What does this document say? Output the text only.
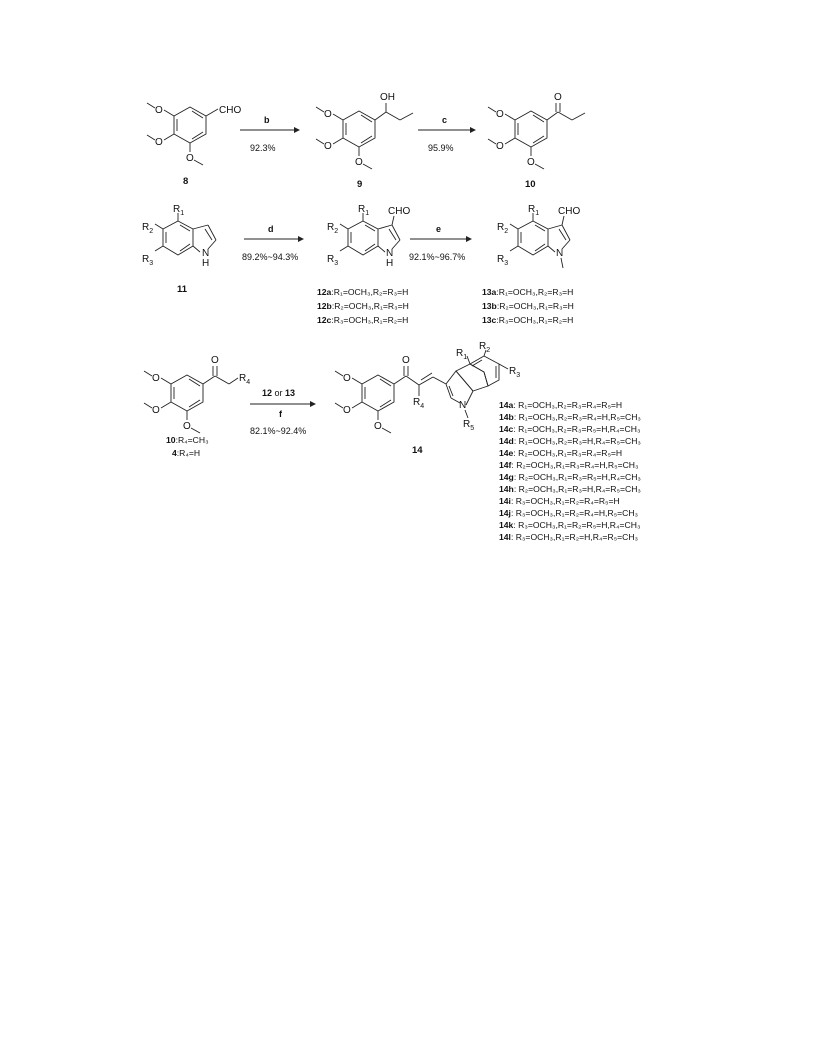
CHO
O
O
O
8
b
92.3%
OH
O
O
O
9
c
95.9%
O
O
O
O
10
N
H
$R_1$
$R_2$
$R_3$
11
d
89.2%~94.3%	N
H
CHO
$R_1$
$R_2$
$R_3$
e
92.1%~96.7%	N
CHO
$R_1$
$R_2$
$R_3$
12a:R₁=OCH₃,R₂=R₃=H
12b:R₂=OCH₃,R₁=R₃=H
12c:R₃=OCH₃,R₁=R₂=H
13a:R₁=OCH₃,R₂=R₃=H
13b:R₂=OCH₃,R₁=R₃=H
13c:R₃=OCH₃,R₁=R₂=H
O
$R_4$
O
O
O
10:R₄=CH₃
4:R₄=H
12 or 13
f
82.1%~92.4%
O
$R_4$	N
$R_5$
$R_1$
$R_2$
$R_3$
O
O
O
14
14a: R₁=OCH₃,R₂=R₃=R₄=R₅=H
14b: R₁=OCH₃,R₂=R₃=R₄=H,R₅=CH₃
14c: R₁=OCH₃,R₂=R₃=R₅=H,R₄=CH₃
14d: R₁=OCH₃,R₂=R₃=H,R₄=R₅=CH₃
14e: R₂=OCH₃,R₁=R₃=R₄=R₅=H
14f: R₂=OCH₃,R₁=R₃=R₄=H,R₅=CH₃
14g: R₂=OCH₃,R₁=R₃=R₅=H,R₄=CH₃
14h: R₂=OCH₃,R₁=R₃=H,R₄=R₅=CH₃
14i: R₃=OCH₃,R₁=R₂=R₄=R₅=H
14j: R₃=OCH₃,R₁=R₂=R₄=H,R₅=CH₃
14k: R₃=OCH₃,R₁=R₂=R₅=H,R₄=CH₃
14l: R₃=OCH₃,R₁=R₂=H,R₄=R₅=CH₃
